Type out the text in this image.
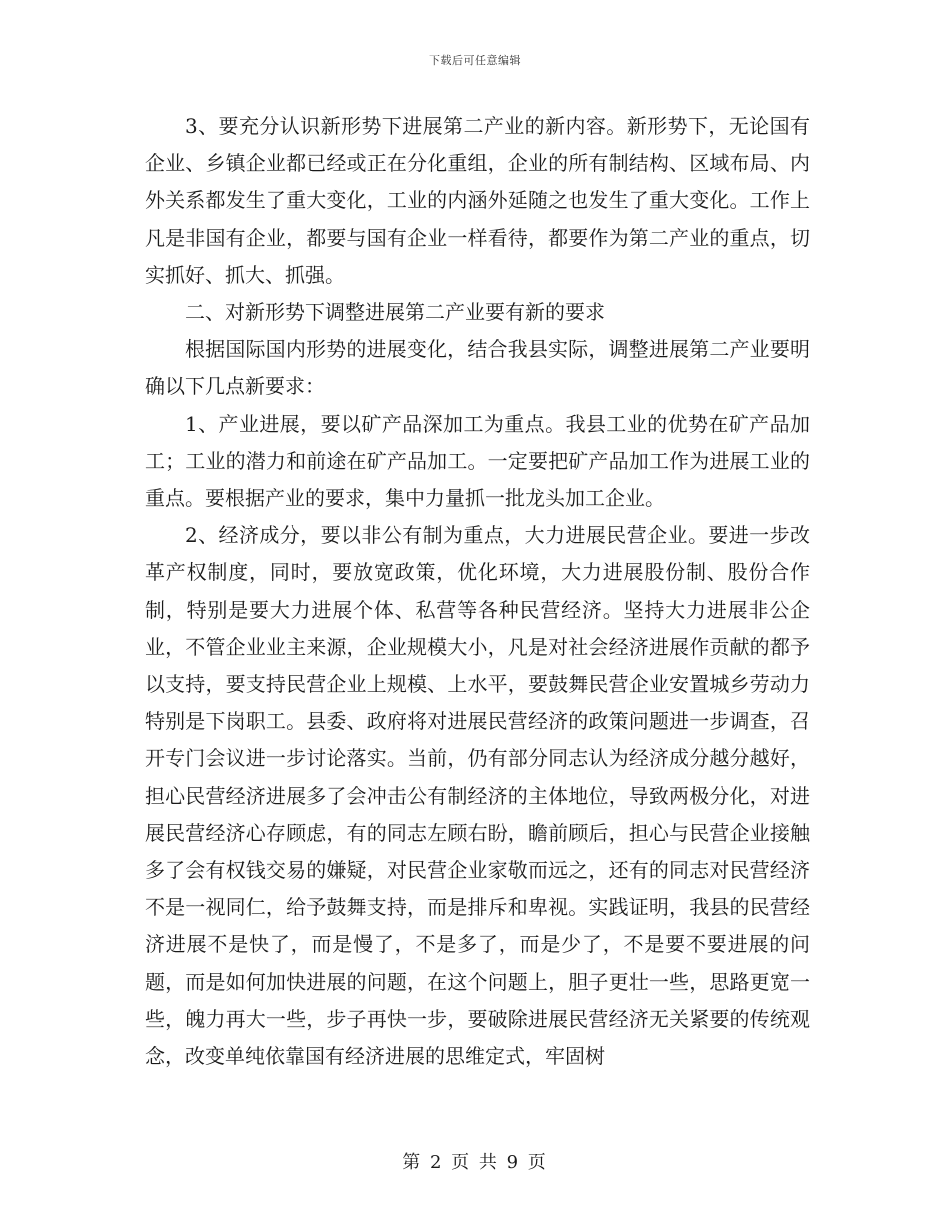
下载后可任意编辑

3、要充分认识新形势下进展第二产业的新内容。新形势下，无论国有企业、乡镇企业都已经或正在分化重组，企业的所有制结构、区域布局、内外关系都发生了重大变化，工业的内涵外延随之也发生了重大变化。工作上凡是非国有企业，都要与国有企业一样看待，都要作为第二产业的重点，切实抓好、抓大、抓强。

二、对新形势下调整进展第二产业要有新的要求

根据国际国内形势的进展变化，结合我县实际，调整进展第二产业要明确以下几点新要求：

1、产业进展，要以矿产品深加工为重点。我县工业的优势在矿产品加工；工业的潜力和前途在矿产品加工。一定要把矿产品加工作为进展工业的重点。要根据产业的要求，集中力量抓一批龙头加工企业。

2、经济成分，要以非公有制为重点，大力进展民营企业。要进一步改革产权制度，同时，要放宽政策，优化环境，大力进展股份制、股份合作制，特别是要大力进展个体、私营等各种民营经济。坚持大力进展非公企业，不管企业业主来源，企业规模大小，凡是对社会经济进展作贡献的都予以支持，要支持民营企业上规模、上水平，要鼓舞民营企业安置城乡劳动力特别是下岗职工。县委、政府将对进展民营经济的政策问题进一步调查，召开专门会议进一步讨论落实。当前，仍有部分同志认为经济成分越分越好，担心民营经济进展多了会冲击公有制经济的主体地位，导致两极分化，对进展民营经济心存顾虑，有的同志左顾右盼，瞻前顾后，担心与民营企业接触多了会有权钱交易的嫌疑，对民营企业家敬而远之，还有的同志对民营经济不是一视同仁，给予鼓舞支持，而是排斥和卑视。实践证明，我县的民营经济进展不是快了，而是慢了，不是多了，而是少了，不是要不要进展的问题，而是如何加快进展的问题，在这个问题上，胆子更壮一些，思路更宽一些，魄力再大一些，步子再快一步，要破除进展民营经济无关紧要的传统观念，改变单纯依靠国有经济进展的思维定式，牢固树

第 2 页 共 9 页
